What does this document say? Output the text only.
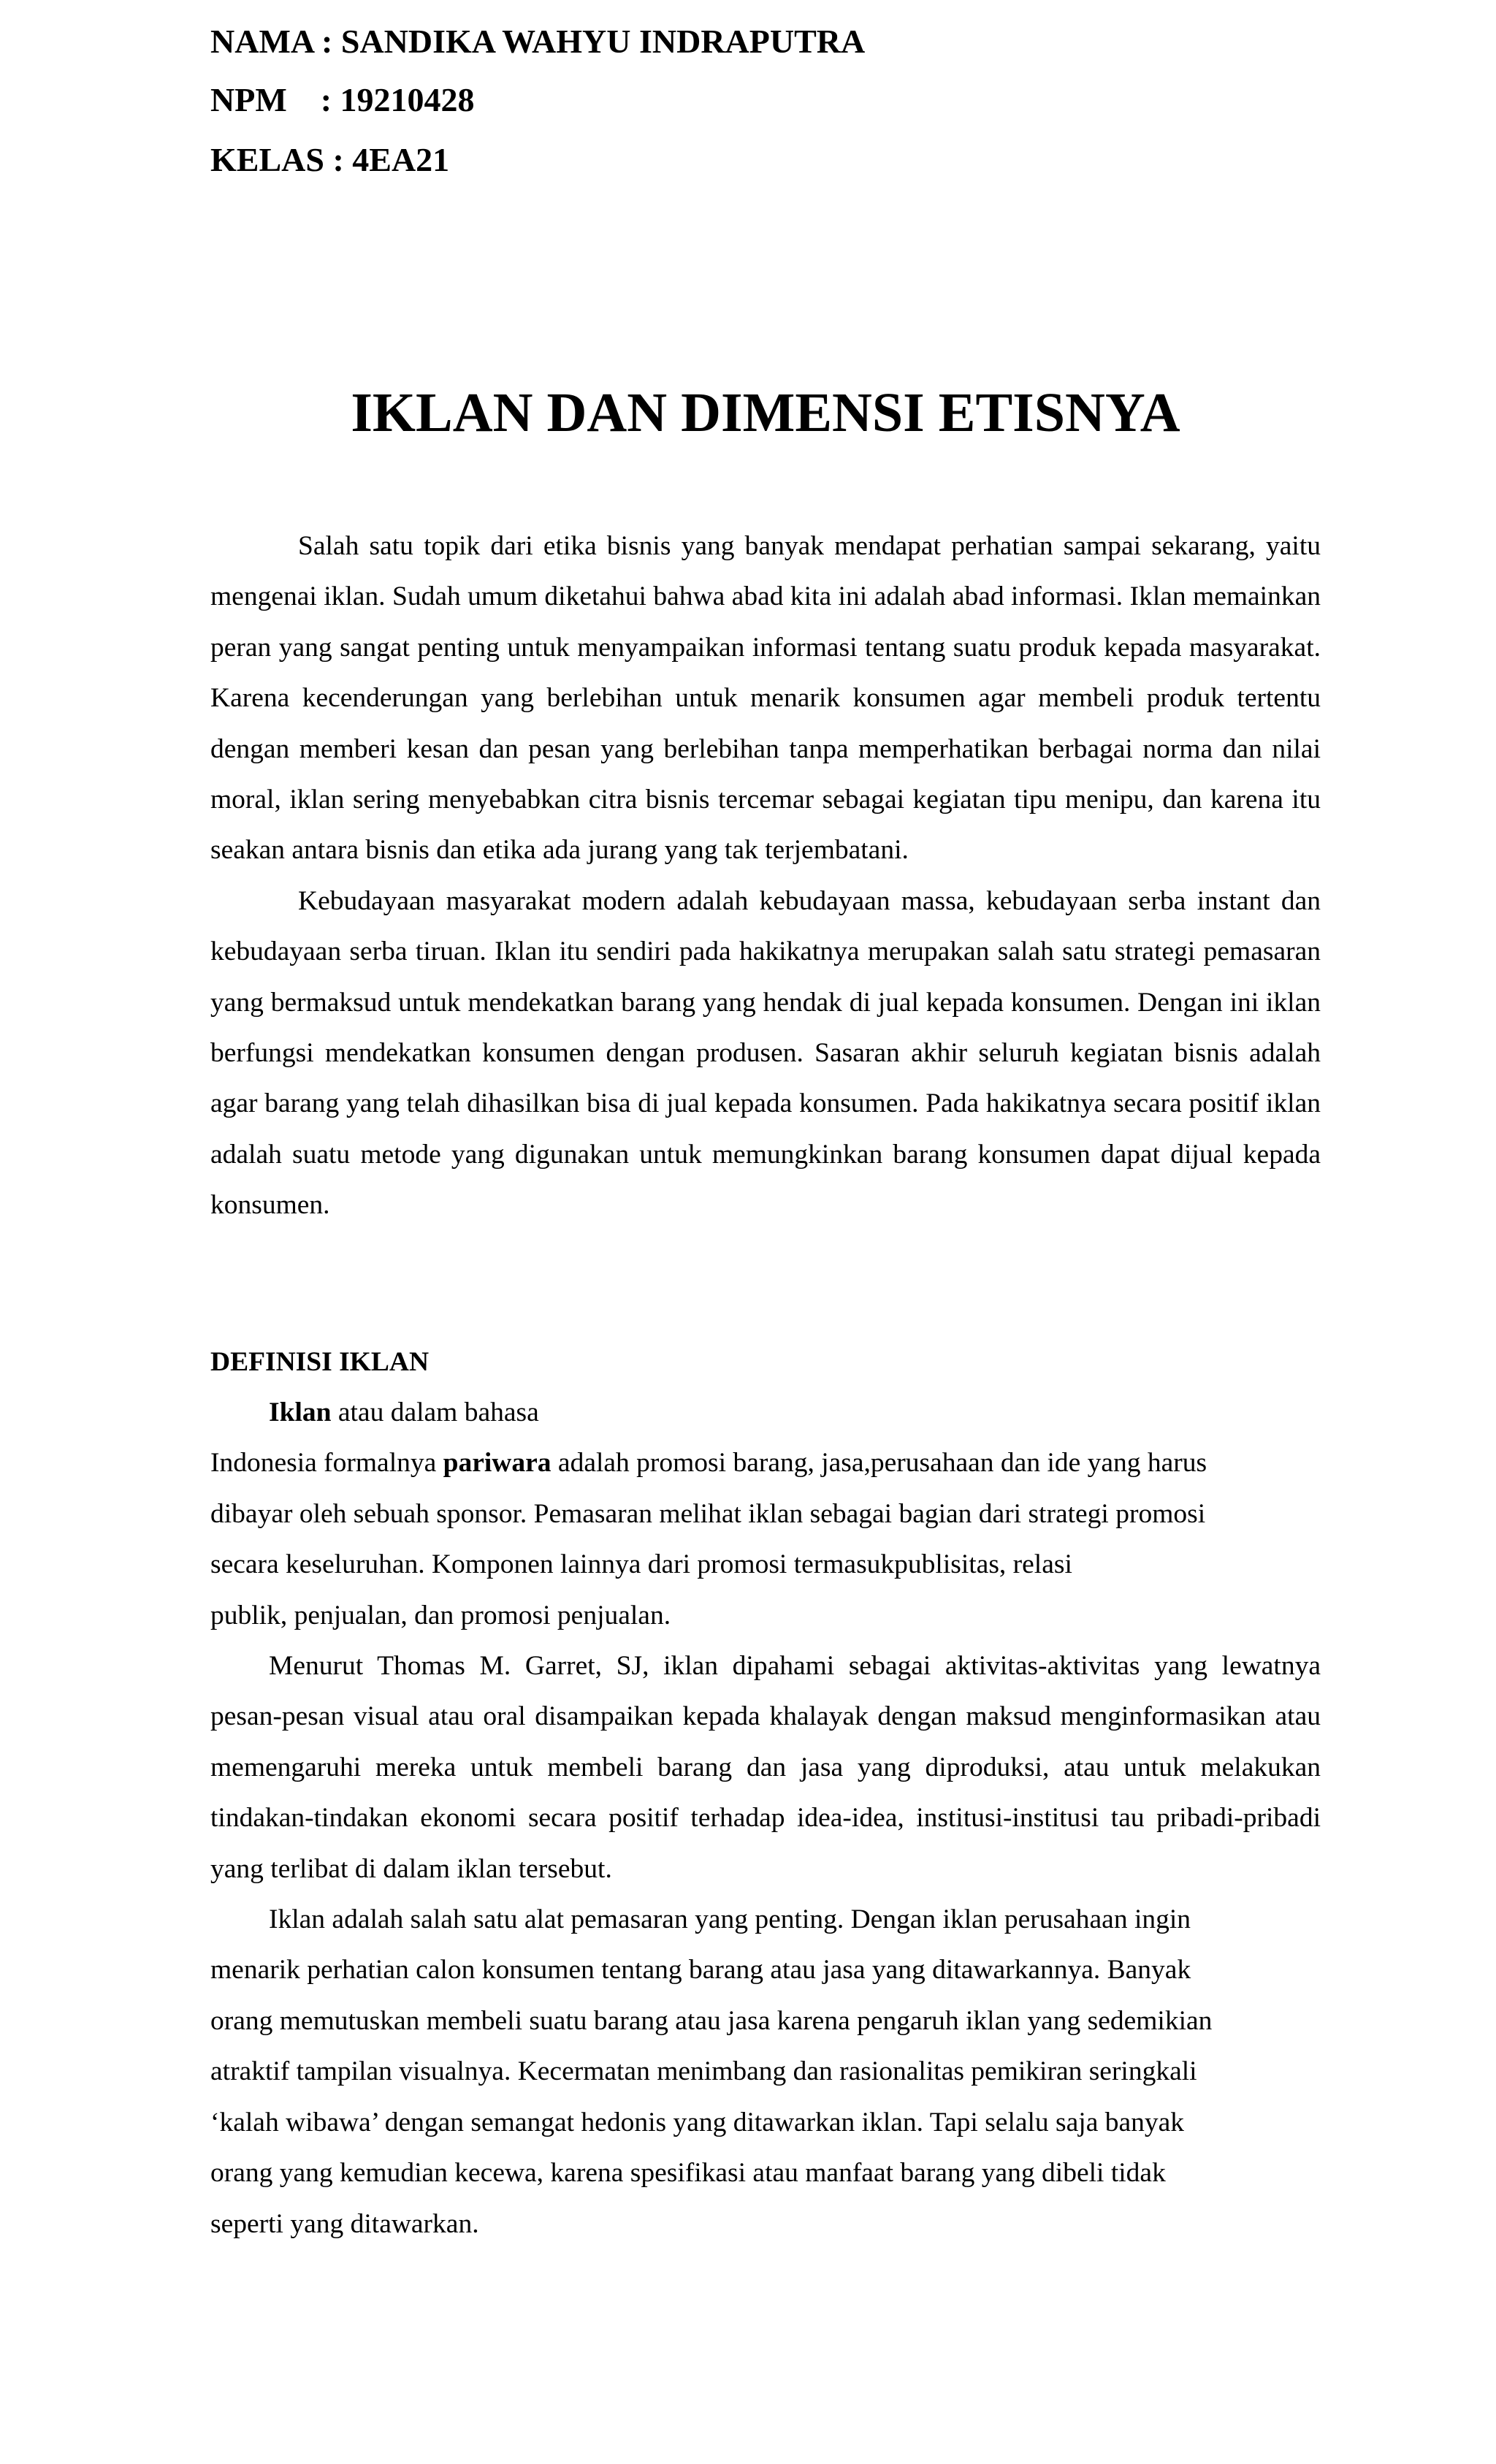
NAMA : SANDIKA WAHYU INDRAPUTRA
NPM    : 19210428
KELAS : 4EA21
IKLAN DAN DIMENSI ETISNYA

Salah satu topik dari etika bisnis yang banyak mendapat perhatian sampai sekarang, yaitu mengenai iklan. Sudah umum diketahui bahwa abad kita ini adalah abad informasi. Iklan memainkan peran yang sangat penting untuk menyampaikan informasi tentang suatu produk kepada masyarakat. Karena kecenderungan yang berlebihan untuk menarik konsumen agar membeli produk tertentu dengan memberi kesan dan pesan yang berlebihan tanpa memperhatikan berbagai norma dan nilai moral, iklan sering menyebabkan citra bisnis tercemar sebagai kegiatan tipu menipu, dan karena itu seakan antara bisnis dan etika ada jurang yang tak terjembatani.

Kebudayaan masyarakat modern adalah kebudayaan massa, kebudayaan serba instant dan kebudayaan serba tiruan. Iklan itu sendiri pada hakikatnya merupakan salah satu strategi pemasaran yang bermaksud untuk mendekatkan barang yang hendak di jual kepada konsumen. Dengan ini iklan berfungsi mendekatkan konsumen dengan produsen. Sasaran akhir seluruh kegiatan bisnis adalah agar barang yang telah dihasilkan bisa di jual kepada konsumen. Pada hakikatnya secara positif iklan adalah suatu metode yang digunakan untuk memungkinkan barang konsumen dapat dijual kepada konsumen.

DEFINISI IKLAN

Iklan atau dalam bahasa

Indonesia formalnya pariwara adalah promosi barang, jasa,perusahaan dan ide yang harus
dibayar oleh sebuah sponsor. Pemasaran melihat iklan sebagai bagian dari strategi promosi
secara keseluruhan. Komponen lainnya dari promosi termasukpublisitas, relasi
publik, penjualan, dan promosi penjualan.

Menurut Thomas M. Garret, SJ, iklan dipahami sebagai aktivitas-aktivitas yang lewatnya pesan-pesan visual atau oral disampaikan kepada khalayak dengan maksud menginformasikan atau memengaruhi mereka untuk membeli barang dan jasa yang diproduksi, atau untuk melakukan tindakan-tindakan ekonomi secara positif terhadap idea-idea, institusi-institusi tau pribadi-pribadi yang terlibat di dalam iklan tersebut.

Iklan adalah salah satu alat pemasaran yang penting. Dengan iklan perusahaan ingin
menarik perhatian calon konsumen tentang barang atau jasa yang ditawarkannya. Banyak
orang memutuskan membeli suatu barang atau jasa karena pengaruh iklan yang sedemikian
atraktif tampilan visualnya. Kecermatan menimbang dan rasionalitas pemikiran seringkali
‘kalah wibawa’ dengan semangat hedonis yang ditawarkan iklan. Tapi selalu saja banyak
orang yang kemudian kecewa, karena spesifikasi atau manfaat barang yang dibeli tidak
seperti yang ditawarkan.
